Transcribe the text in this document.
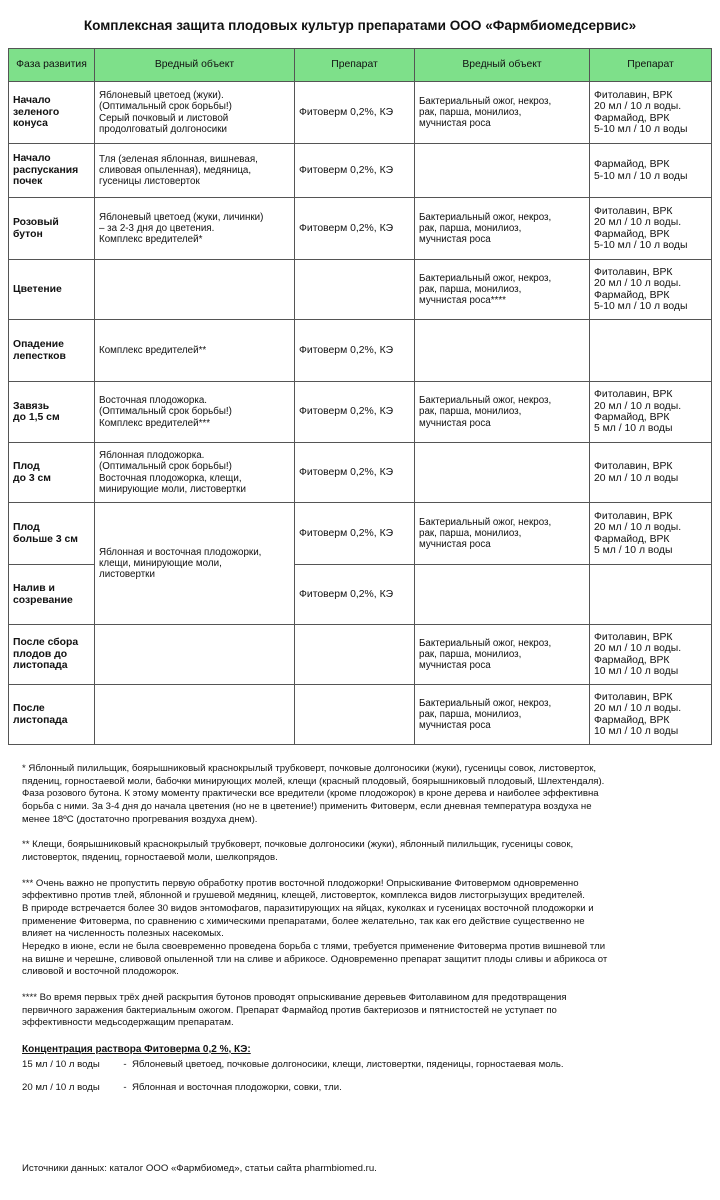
Комплексная защита плодовых культур препаратами ООО «Фармбиомедсервис»
Фаза развития	Вредный объект	Препарат	Вредный объект	Препарат

Начало
зеленого
конуса	Яблоневый цветоед (жуки).
(Оптимальный срок борьбы!)
Серый почковый и листовой
продолговатый долгоносики	Фитоверм 0,2%, КЭ	Бактериальный ожог, некроз,
рак, парша, монилиоз,
мучнистая роса	Фитолавин, ВРК
20 мл / 10 л воды.
Фармайод, ВРК
5-10 мл / 10 л воды

Начало
распускания
почек	Тля (зеленая яблонная, вишневая,
сливовая опыленная), медяница,
гусеницы листоверток	Фитоверм 0,2%, КЭ		Фармайод, ВРК
5-10 мл / 10 л воды

Розовый
бутон	Яблоневый цветоед (жуки, личинки)
– за 2-3 дня до цветения.
Комплекс вредителей*	Фитоверм 0,2%, КЭ	Бактериальный ожог, некроз,
рак, парша, монилиоз,
мучнистая роса	Фитолавин, ВРК
20 мл / 10 л воды.
Фармайод, ВРК
5-10 мл / 10 л воды

Цветение			Бактериальный ожог, некроз,
рак, парша, монилиоз,
мучнистая роса****	Фитолавин, ВРК
20 мл / 10 л воды.
Фармайод, ВРК
5-10 мл / 10 л воды

Опадение
лепестков	Комплекс вредителей**	Фитоверм 0,2%, КЭ		

Завязь
до 1,5 см	Восточная плодожорка.
(Оптимальный срок борьбы!)
Комплекс вредителей***	Фитоверм 0,2%, КЭ	Бактериальный ожог, некроз,
рак, парша, монилиоз,
мучнистая роса	Фитолавин, ВРК
20 мл / 10 л воды.
Фармайод, ВРК
5 мл / 10 л воды

Плод
до 3 см	Яблонная плодожорка.
(Оптимальный срок борьбы!)
Восточная плодожорка, клещи,
минирующие моли, листовертки	Фитоверм 0,2%, КЭ		Фитолавин, ВРК
20 мл / 10 л воды

Плод
больше 3 см	Яблонная и восточная плодожорки,
клещи, минирующие моли,
листовертки	Фитоверм 0,2%, КЭ	Бактериальный ожог, некроз,
рак, парша, монилиоз,
мучнистая роса	Фитолавин, ВРК
20 мл / 10 л воды.
Фармайод, ВРК
5 мл / 10 л воды

Налив и
созревание		Фитоверм 0,2%, КЭ		

После сбора
плодов до
листопада			Бактериальный ожог, некроз,
рак, парша, монилиоз,
мучнистая роса	Фитолавин, ВРК
20 мл / 10 л воды.
Фармайод, ВРК
10 мл / 10 л воды

После
листопада			Бактериальный ожог, некроз,
рак, парша, монилиоз,
мучнистая роса	Фитолавин, ВРК
20 мл / 10 л воды.
Фармайод, ВРК
10 мл / 10 л воды

* Яблонный пилильщик, боярышниковый краснокрылый трубковерт, почковые долгоносики (жуки), гусеницы совок, листоверток,
пядениц, горностаевой моли, бабочки минирующих молей, клещи (красный плодовый, боярышниковый плодовый, Шлехтендаля).
Фаза розового бутона. К этому моменту практически все вредители (кроме плодожорок) в кроне дерева и наиболее эффективна
борьба с ними. За 3-4 дня до начала цветения (но не в цветение!) применить Фитоверм, если дневная температура воздуха не
менее 18ºС (достаточно прогревания воздуха днем).

** Клещи, боярышниковый краснокрылый трубковерт, почковые долгоносики (жуки), яблонный пилильщик, гусеницы совок,
листоверток, пядениц, горностаевой моли, шелкопрядов.

*** Очень важно не пропустить первую обработку против восточной плодожорки! Опрыскивание Фитовермом одновременно
эффективно против тлей, яблонной и грушевой медяниц, клещей, листоверток, комплекса видов листогрызущих вредителей.
В природе встречается более 30 видов энтомофагов, паразитирующих на яйцах, куколках и гусеницах восточной плодожорки и
применение Фитоверма, по сравнению с химическими препаратами, более желательно, так как его действие существенно не
влияет на численность полезных насекомых.
Нередко в июне, если не была своевременно проведена борьба с тлями, требуется применение Фитоверма против вишневой тли
на вишне и черешне, сливовой опыленной тли на сливе и абрикосе. Одновременно препарат защитит плоды сливы и абрикоса от
сливовой и восточной плодожорок.

**** Во время первых трёх дней раскрытия бутонов проводят опрыскивание деревьев Фитолавином для предотвращения
первичного заражения бактериальным ожогом. Препарат Фармайод против бактериозов и пятнистостей не уступает по
эффективности медьсодержащим препаратам.

Концентрация раствора Фитоверма 0,2 %, КЭ:
15 мл / 10 л воды - Яблоневый цветоед, почковые долгоносики, клещи, листовертки, пяденицы, горностаевая моль.
20 мл / 10 л воды - Яблонная и восточная плодожорки, совки, тли.
Источники данных: каталог ООО «Фармбиомед», статьи сайта pharmbiomed.ru.
